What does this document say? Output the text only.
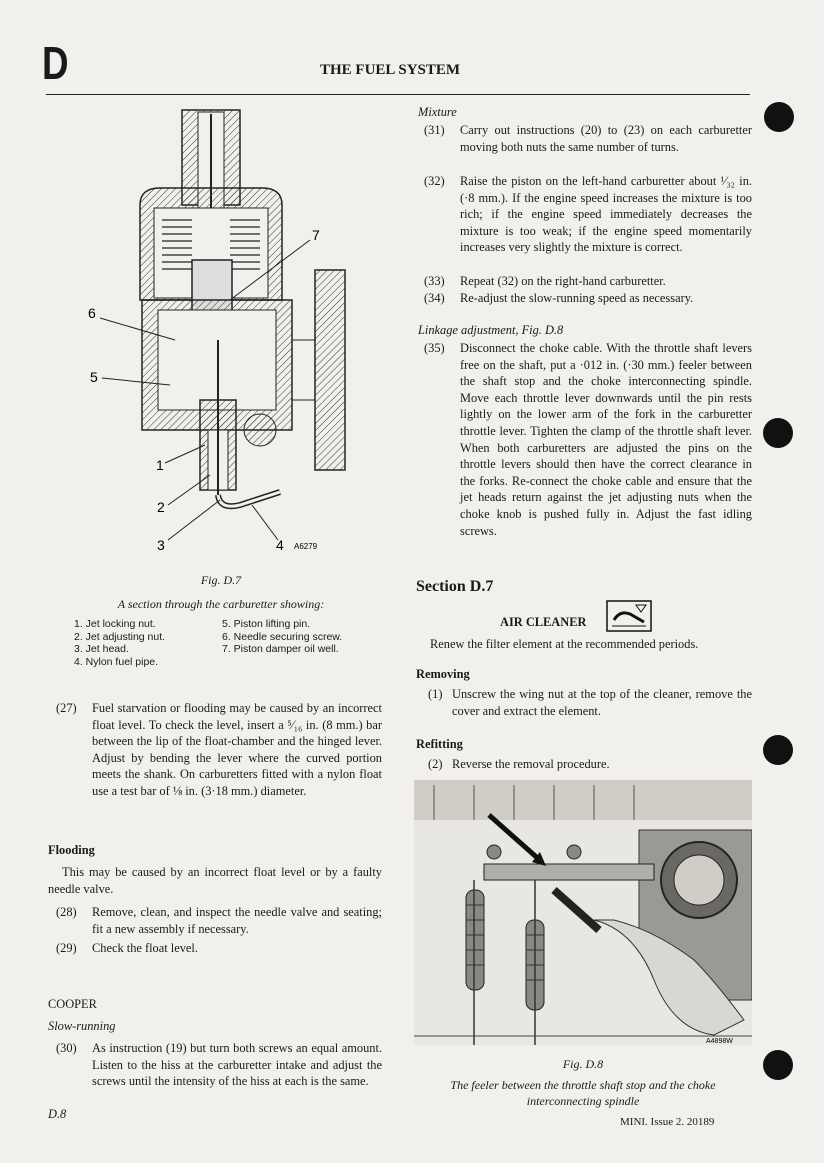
D	THE FUEL SYSTEM
7
6
5
1
2
3	4 A6279
Fig. D.7
A section through the carburetter showing:
1. Jet locking nut.
2. Jet adjusting nut.
3. Jet head.
4. Nylon fuel pipe.
5. Piston lifting pin.
6. Needle securing screw.
7. Piston damper oil well.
(27) Fuel starvation or flooding may be caused by an incorrect float level. To check the level, insert a ⁵⁄₁₆ in. (8 mm.) bar between the lip of the float-chamber and the hinged lever. Adjust by bending the lever where the curved portion meets the shank. On carburetters fitted with a nylon float use a test bar of ⅛ in. (3·18 mm.) diameter.
Flooding
This may be caused by an incorrect float level or by a faulty needle valve.
(28) Remove, clean, and inspect the needle valve and seating; fit a new assembly if necessary.
(29) Check the float level.
COOPER
Slow-running
(30) As instruction (19) but turn both screws an equal amount. Listen to the hiss at the carburetter intake and adjust the screws until the intensity of the hiss at each is the same.
Mixture
(31) Carry out instructions (20) to (23) on each carburetter moving both nuts the same number of turns.
(32) Raise the piston on the left-hand carburetter about ¹⁄₃₂ in. (·8 mm.). If the engine speed increases the mixture is too rich; if the engine speed immediately decreases the mixture is too weak; if the engine speed momentarily increases very slightly the mixture is correct.
(33) Repeat (32) on the right-hand carburetter.
(34) Re-adjust the slow-running speed as necessary.
Linkage adjustment, Fig. D.8
(35) Disconnect the choke cable. With the throttle shaft levers free on the shaft, put a ·012 in. (·30 mm.) feeler between the shaft stop and the choke interconnecting spindle. Move each throttle lever downwards until the pin rests lightly on the lower arm of the fork in the carburetter throttle lever. Tighten the clamp of the throttle shaft lever. When both carburetters are adjusted the pins on the throttle levers should then have the correct clearance in the forks. Re-connect the choke cable and ensure that the jet heads return against the jet adjusting nuts when the choke knob is pushed fully in. Adjust the fast idling screws.
Section D.7
AIR CLEANER
Renew the filter element at the recommended periods.
Removing
(1) Unscrew the wing nut at the top of the cleaner, remove the cover and extract the element.
Refitting
(2) Reverse the removal procedure.
A4898W
Fig. D.8
The feeler between the throttle shaft stop and the choke interconnecting spindle
D.8
MINI. Issue 2. 20189
